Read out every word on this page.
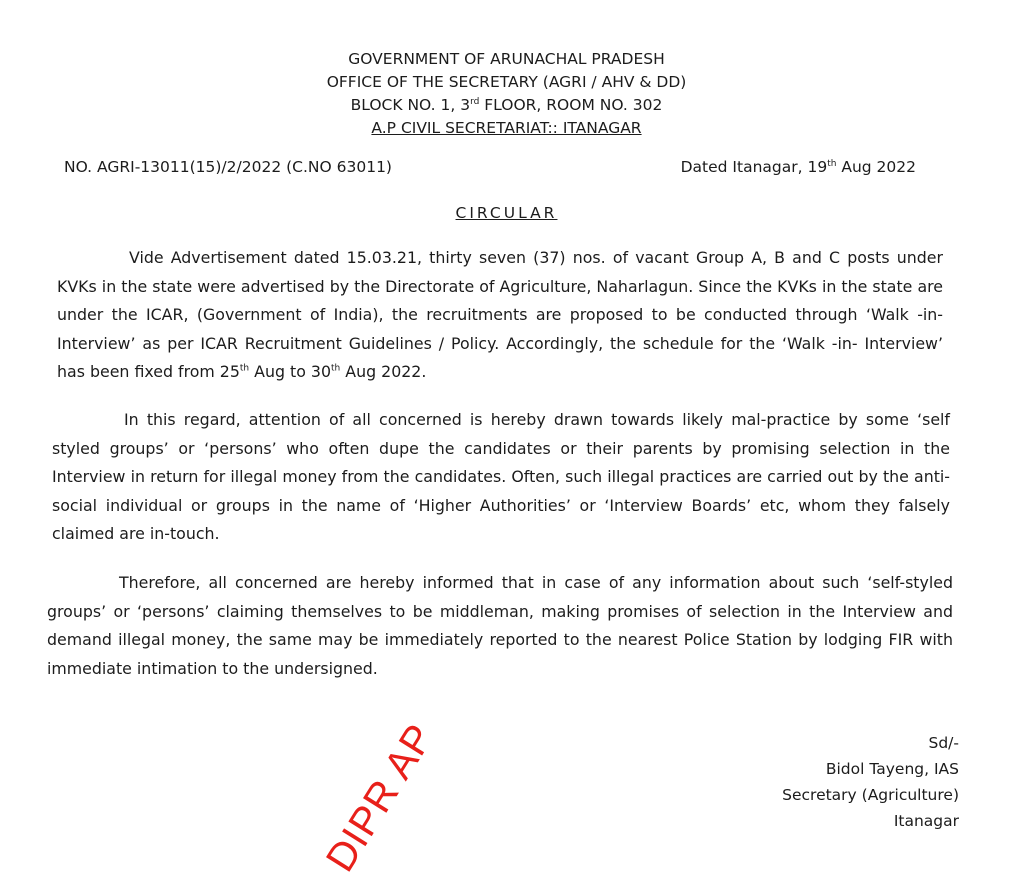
GOVERNMENT OF ARUNACHAL PRADESH
OFFICE OF THE SECRETARY (AGRI / AHV & DD)
BLOCK NO. 1, 3rd FLOOR, ROOM NO. 302
A.P CIVIL SECRETARIAT:: ITANAGAR
NO. AGRI-13011(15)/2/2022 (C.NO 63011)	Dated Itanagar, 19th Aug 2022
CIRCULAR

Vide Advertisement dated 15.03.21, thirty seven (37) nos. of vacant Group A, B and C posts under KVKs in the state were advertised by the Directorate of Agriculture, Naharlagun. Since the KVKs in the state are under the ICAR, (Government of India), the recruitments are proposed to be conducted through ‘Walk -in- Interview’ as per ICAR Recruitment Guidelines / Policy. Accordingly, the schedule for the ‘Walk -in- Interview’ has been fixed from 25th Aug to 30th Aug 2022.

In this regard, attention of all concerned is hereby drawn towards likely mal-practice by some ‘self styled groups’ or ‘persons’ who often dupe the candidates or their parents by promising selection in the Interview in return for illegal money from the candidates. Often, such illegal practices are carried out by the anti-social individual or groups in the name of ‘Higher Authorities’ or ‘Interview Boards’ etc, whom they falsely claimed are in-touch.

Therefore, all concerned are hereby informed that in case of any information about such ‘self-styled groups’ or ‘persons’ claiming themselves to be middleman, making promises of selection in the Interview and demand illegal money, the same may be immediately reported to the nearest Police Station by lodging FIR with immediate intimation to the undersigned.

Sd/-
Bidol Tayeng, IAS
Secretary (Agriculture)
Itanagar
DIPR AP
